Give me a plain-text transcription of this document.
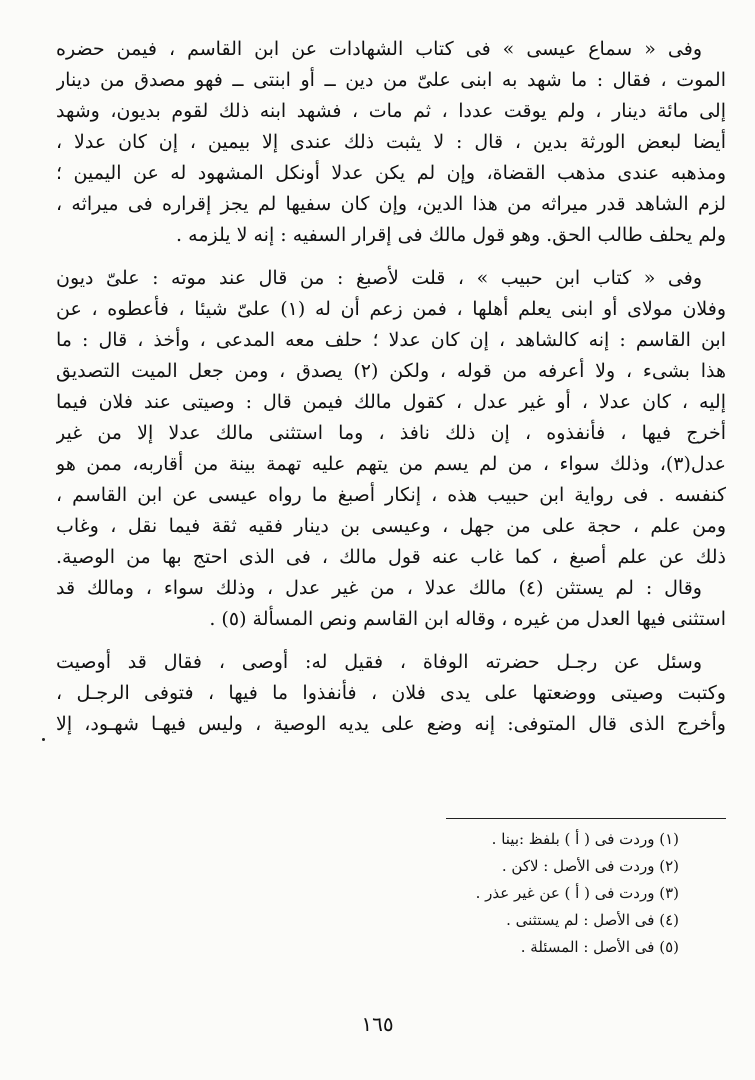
وفى « سماع عيسى » فى كتاب الشهادات عن ابن القاسم ، فيمن حضره

الموت ، فقال : ما شهد به ابنى علىّ من دين ــ أو ابنتى ــ فهو مصدق من دينار

إلى مائة دينار ، ولم يوقت عددا ، ثم مات ، فشهد ابنه ذلك لقوم بديون، وشهد

أيضا لبعض الورثة بدين ، قال : لا يثبت ذلك عندى إلا بيمين ، إن كان عدلا ،

ومذهبه عندى مذهب القضاة، وإن لم يكن عدلا أونكل المشهود له عن اليمين ؛

لزم الشاهد قدر ميراثه من هذا الدين، وإن كان سفيها لم يجز إقراره فى ميراثه ،

ولم يحلف طالب الحق. وهو قول مالك فى إقرار السفيه : إنه لا يلزمه .

وفى « كتاب ابن حبيب » ، قلت لأصبغ : من قال عند موته : علىّ ديون

وفلان مولاى أو ابنى يعلم أهلها ، فمن زعم أن له (١) علىّ شيئا ، فأعطوه ، عن

ابن القاسم : إنه كالشاهد ، إن كان عدلا ؛ حلف معه المدعى ، وأخذ ، قال : ما

هذا بشىء ، ولا أعرفه من قوله ، ولكن (٢) يصدق ، ومن جعل الميت التصديق

إليه ، كان عدلا ، أو غير عدل ، كقول مالك فيمن قال : وصيتى عند فلان فيما

أخرج فيها ، فأنفذوه ، إن ذلك نافذ ، وما استثنى مالك عدلا إلا من غير

عدل(٣)، وذلك سواء ، من لم يسم من يتهم عليه تهمة بينة من أقاربه، ممن هو

كنفسه . فى رواية ابن حبيب هذه ، إنكار أصبغ ما رواه عيسى عن ابن القاسم ،

ومن علم ، حجة على من جهل ، وعيسى بن دينار فقيه ثقة فيما نقل ، وغاب

ذلك عن علم أصبغ ، كما غاب عنه قول مالك ، فى الذى احتج بها من الوصية.

وقال : لم يستثن (٤) مالك عدلا ، من غير عدل ، وذلك سواء ، ومالك قد

استثنى فيها العدل من غيره ، وقاله ابن القاسم ونص المسألة (٥) .

وسئل عن رجـل حضرته الوفاة ، فقيل له: أوصى ، فقال قد أوصيت

وكتبت وصيتى ووضعتها على يدى فلان ، فأنفذوا ما فيها ، فتوفى الرجـل ،

وأخرج الذى قال المتوفى: إنه وضع على يديه الوصية ، وليس فيهـا شهـود، إلا

(١) وردت فى ( أ ) بلفظ :بينا .
(٢) وردت فى الأصل : لاكن .
(٣) وردت فى ( أ ) عن غير عذر .
(٤) فى الأصل : لم يستثنى .
(٥) فى الأصل : المسئلة .
١٦٥
